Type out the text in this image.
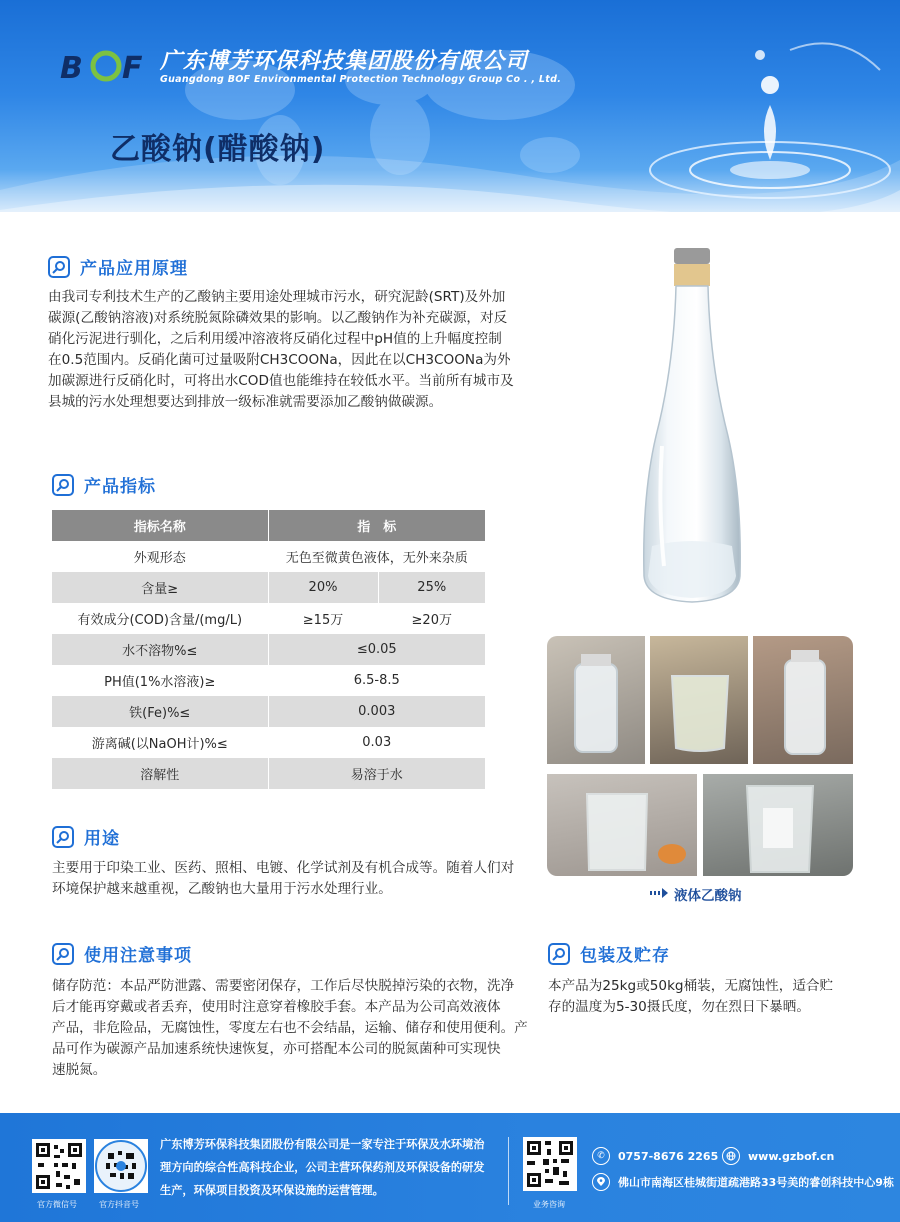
B F 广东博芳环保科技集团股份有限公司
Guangdong BOF Environmental Protection Technology Group Co . , Ltd.
乙酸钠(醋酸钠)
产品应用原理
由我司专利技术生产的乙酸钠主要用途处理城市污水，研究泥龄(SRT)及外加
碳源(乙酸钠溶液)对系统脱氮除磷效果的影响。以乙酸钠作为补充碳源，对反
硝化污泥进行驯化，之后利用缓冲溶液将反硝化过程中pH值的上升幅度控制
在0.5范围内。反硝化菌可过量吸附CH3COONa，因此在以CH3COONa为外
加碳源进行反硝化时，可将出水COD值也能维持在较低水平。当前所有城市及
县城的污水处理想要达到排放一级标准就需要添加乙酸钠做碳源。
产品指标
指标名称	指　标	
外观形态	无色至微黄色液体，无外来杂质	
含量≥	20%	25%
有效成分(COD)含量/(mg/L)	≥15万	≥20万
水不溶物%≤	≤0.05	
PH值(1%水溶液)≥	6.5-8.5	
铁(Fe)%≤	0.003	
游离碱(以NaOH计)%≤	0.03	
溶解性	易溶于水	
液体乙酸钠
用途
主要用于印染工业、医药、照相、电镀、化学试剂及有机合成等。随着人们对
环境保护越来越重视，乙酸钠也大量用于污水处理行业。
使用注意事项
储存防范：本品严防泄露、需要密闭保存，工作后尽快脱掉污染的衣物，洗净
后才能再穿戴或者丢弃，使用时注意穿着橡胶手套。本产品为公司高效液体
产品，非危险品，无腐蚀性，零度左右也不会结晶，运输、储存和使用便利。产
品可作为碳源产品加速系统快速恢复，亦可搭配本公司的脱氮菌种可实现快
速脱氮。
包装及贮存
本产品为25kg或50kg桶装，无腐蚀性，适合贮
存的温度为5-30摄氏度，勿在烈日下暴晒。
官方微信号	官方抖音号
广东博芳环保科技集团股份有限公司是一家专注于环保及水环境治
理方向的综合性高科技企业，公司主营环保药剂及环保设备的研发
生产，环保项目投资及环保设施的运营管理。
业务咨询
✆	0757-8676 2265	www.gzbof.cn
佛山市南海区桂城街道疏港路33号美的睿创科技中心9栋
